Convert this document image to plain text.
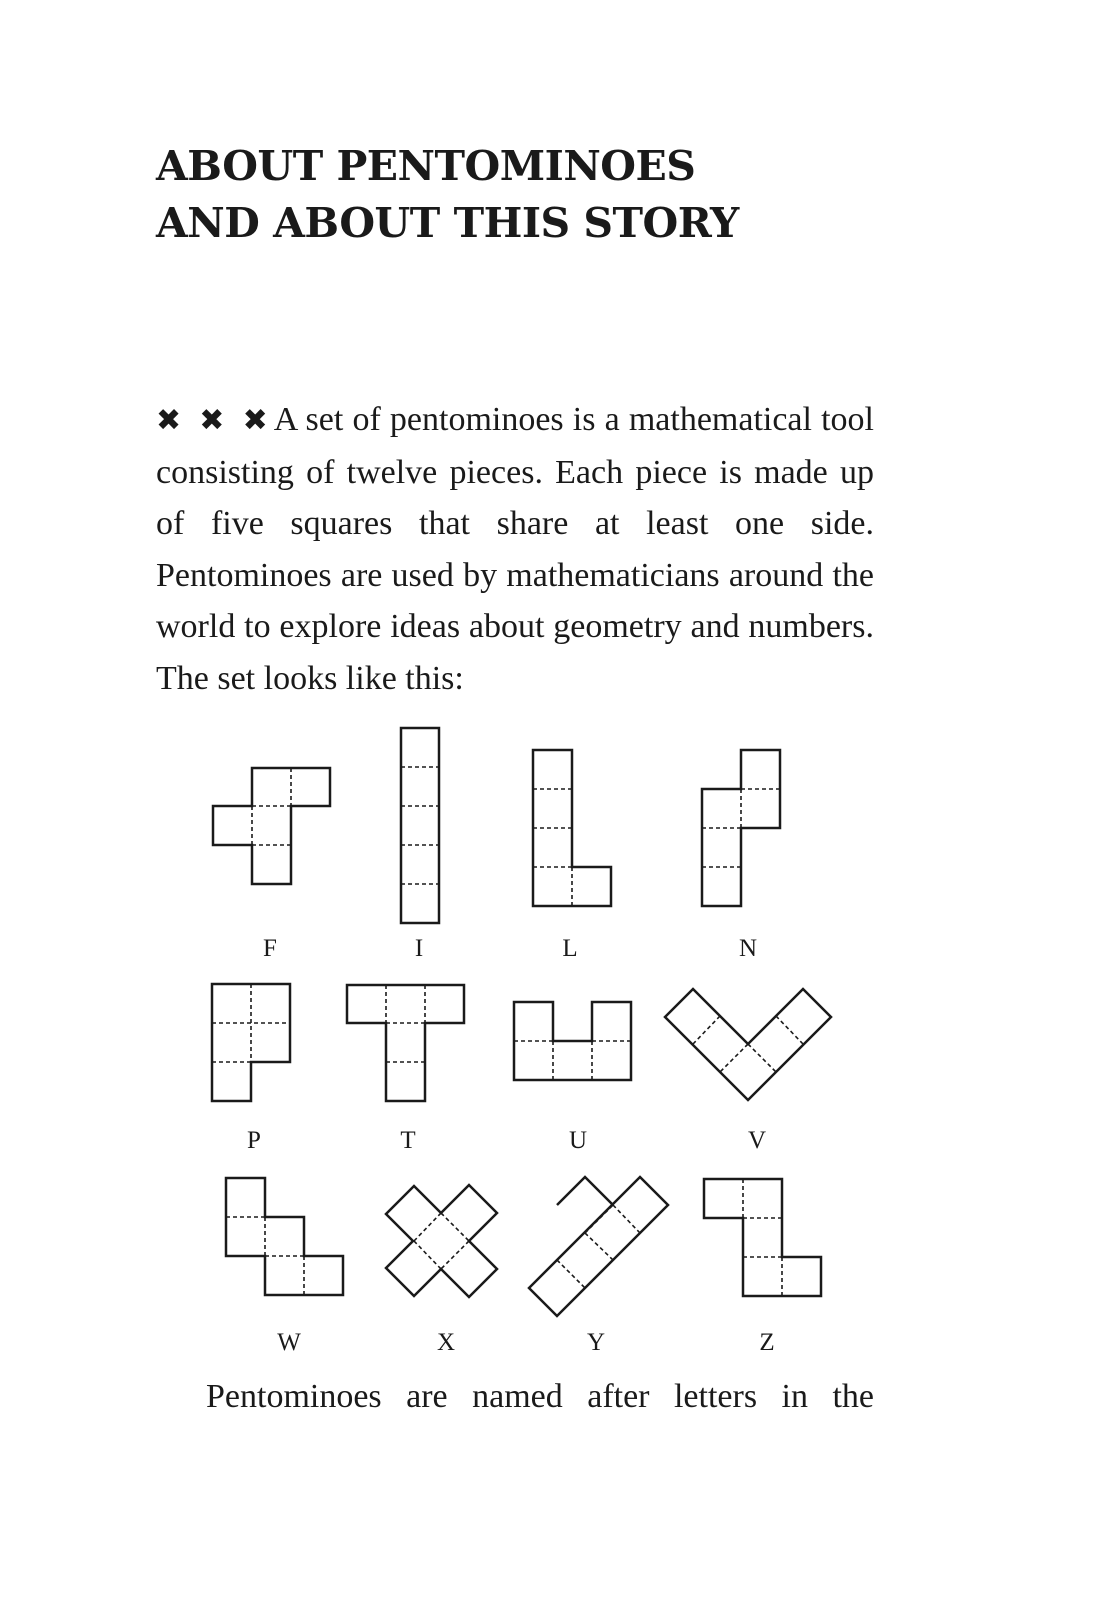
ABOUT PENTOMINOES
AND ABOUT THIS STORY

✖ ✖ ✖A set of pentominoes is a mathematical tool consisting of twelve pieces. Each piece is made up of five squares that share at least one side. Pentominoes are used by mathematicians around the world to explore ideas about geometry and numbers. The set looks like this:

F	I	L	N
P	T	U	V
W	X	Y	Z

Pentominoes are named after letters in the
